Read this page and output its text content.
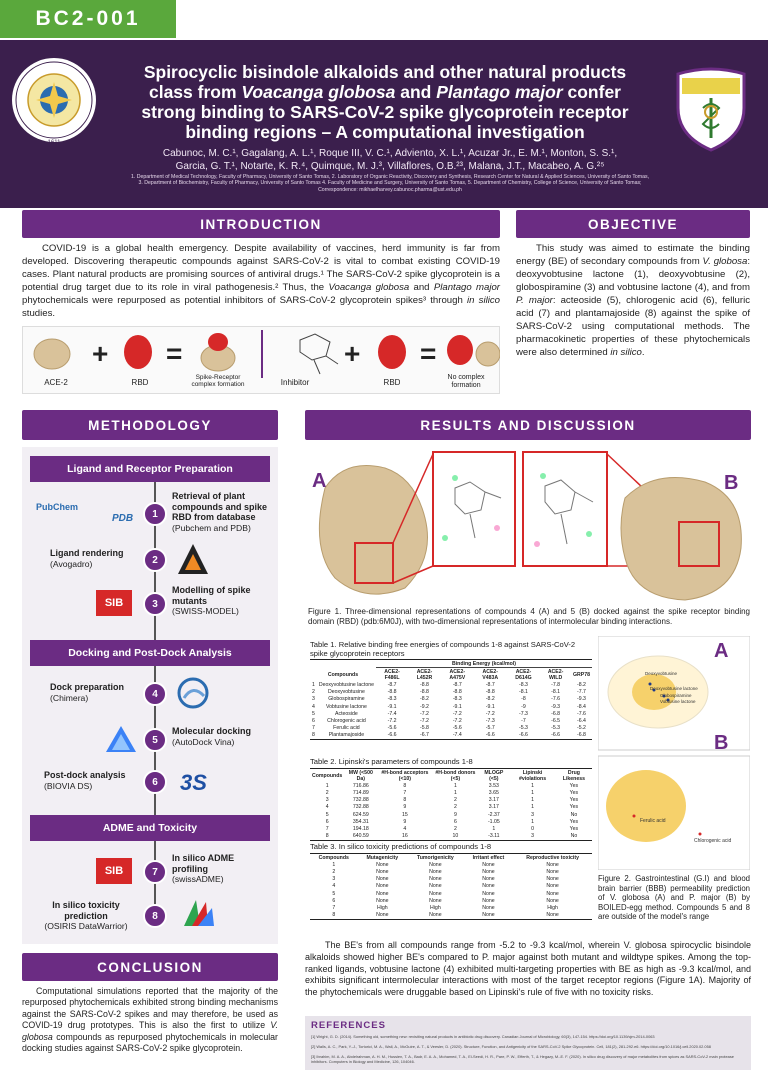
BC2-001
1611
Spirocyclic bisindole alkaloids and other natural products
class from Voacanga globosa and Plantago major confer
strong binding to SARS-CoV-2 spike glycoprotein receptor
binding regions – A computational investigation
Cabunoc, M. C.¹, Gagalang, A. L.¹, Roque III, V. C.¹, Adviento, X. L.¹, Acuzar Jr., E. M.¹, Monton, S. S.¹,
Garcia, G. T.¹, Notarte, K. R.⁴, Quimque, M. J.³, Villaflores, O.B.²³, Malana, J.T., Macabeo, A. G.²⁵
1. Department of Medical Technology, Faculty of Pharmacy, University of Santo Tomas, 2. Laboratory of Organic Reactivity, Discovery and Synthesis, Research Center for Natural & Applied Sciences, University of Santo Tomas,
3. Department of Biochemistry, Faculty of Pharmacy, University of Santo Tomas 4. Faculty of Medicine and Surgery, University of Santo Tomas, 5. Department of Chemistry, College of Science, University of Santo Tomas;
Correspondence: mikhaelharvey.cabunoc.pharma@ust.edu.ph
INTRODUCTION
COVID-19 is a global health emergency. Despite availability of vaccines, herd immunity is far from developed. Discovering therapeutic compounds against SARS-CoV-2 is vital to combat existing COVID-19 cases. Plant natural products are promising sources of antiviral drugs.¹ The SARS-CoV-2 spike glycoprotein is a potential drug target due to its role in viral pathogenesis.² Thus, the Voacanga globosa and Plantago major phytochemicals were repurposed as potential inhibitors of SARS-CoV-2 glycoprotein spikes³ through in silico studies.
+ =	+ =
ACE-2	RBD
Spike-Receptor complex formation	Inhibitor	RBD
No complex formation
OBJECTIVE
This study was aimed to estimate the binding energy (BE) of secondary compounds from V. globosa: deoxyvobtusine lactone (1), deoxyvobtusine (2), globospiramine (3) and vobtusine lactone (4), and from P. major: acteoside (5), chlorogenic acid (6), felluric acid (7) and plantamajoside (8) against the spike of SARS-CoV-2 using computational methods. The pharmacokinetic properties of these phytochemicals were also determined in silico.
METHODOLOGY
Ligand and Receptor Preparation
Docking and Post-Dock Analysis
ADME and Toxicity
PubChem
PDB	1
Retrieval of plant compounds and spike RBD from database
(Pubchem and PDB)
Ligand rendering
(Avogadro)	2
SIB	3
Modelling of spike mutants
(SWISS-MODEL)
Dock preparation
(Chimera)	4
5
Molecular docking
(AutoDock Vina)
Post-dock analysis
(BIOVIA DS)	6	3S
SIB	7
In silico ADME profiling
(swissADME)
In silico toxicity prediction
(OSIRIS DataWarrior)
8
CONCLUSION
Computational simulations reported that the majority of the repurposed phytochemicals exhibited strong binding mechanisms against the SARS-CoV-2 spikes and may therefore, be used as COVID-19 drug prototypes. This is also the first to utilize V. globosa compounds as repurposed phytochemicals in molecular docking studies against SARS-CoV-2 spike glycoprotein.
RESULTS AND DISCUSSION
A	B
Figure 1. Three-dimensional representations of compounds 4 (A) and 5 (B) docked against the spike receptor binding domain (RBD) (pdb:6M0J), with two-dimensional representations of intermolecular binding interactions.
Table 1. Relative binding free energies of compounds 1-8 against SARS-CoV-2 spike glycoprotein receptors
		Binding Energy (kcal/mol)						
Compounds		ACE2-F486L	ACE2-L452R	ACE2-A475V	ACE2-V483A	ACE2-D614G	ACE2-WILD	GRP78
1	Deoxyvobtusine lactone	-8.7	-8.8	-8.7	-8.7	-8.3	-7.8	-8.2
2	Deoxyvobtusine	-8.8	-8.8	-8.8	-8.8	-8.1	-8.1	-7.7
3	Globospiramine	-8.3	-8.2	-8.3	-8.2	-8	-7.6	-9.3
4	Vobtusine lactone	-9.1	-9.2	-9.1	-9.1	-9	-9.3	-8.4
5	Acteoside	-7.4	-7.2	-7.2	-7.2	-7.3	-6.8	-7.6
6	Chlorogenic acid	-7.2	-7.2	-7.2	-7.3	-7	-6.5	-6.4
7	Ferulic acid	-5.6	-5.8	-5.6	-5.7	-5.3	-5.3	-5.2
8	Plantamajoside	-6.6	-6.7	-7.4	-6.6	-6.6	-6.6	-6.8
Table 2. Lipinski's parameters of compounds 1-8
Compounds	MW (<500 Da)	#H-bond acceptors (<10)	#H-bond donors (<5)	MLOGP (<5)	Lipinski #violations	Drug Likeness
1	716.86	8	1	3.53	1	Yes
2	714.89	7	1	3.65	1	Yes
3	732.88	8	2	3.17	1	Yes
4	732.88	9	2	3.17	1	Yes
5	624.59	15	9	-2.37	3	No
6	354.31	9	6	-1.05	1	Yes
7	194.18	4	2	1	0	Yes
8	640.59	16	10	-3.11	3	No
Table 3. In silico toxicity predictions of compounds 1-8
Compounds	Mutagenicity	Tumorigenicity	Irritant effect	Reproductive toxicity
1	None	None	None	None
2	None	None	None	None
3	None	None	None	None
4	None	None	None	None
5	None	None	None	None
6	None	None	None	None
7	High	High	None	High
8	None	None	None	None
Deoxyvobtusine
Deoxyvobtusine lactone
Globospiramine
Vobtusine lactone
Ferulic acid
Chlorogenic acid
A
B
Figure 2. Gastrointestinal (G.I) and blood brain barrier (BBB) permeability prediction of V. globosa (A) and P. major (B) by BOILED-egg method. Compounds 5 and 8 are outside of the model's range
The BE's from all compounds range from -5.2 to -9.3 kcal/mol, wherein V. globosa spirocyclic bisindole alkaloids showed higher BE's compared to P. major against both mutant and wildtype spikes. Among the top-ranked ligands, vobtusine lactone (4) exhibited multi-targeting properties with BE as high as -9.3 kcal/mol, and exhibits significant intermolecular interactions with most of the target receptor regions (Figure 1A). Majority of the phytochemicals were druggable based on Lipinski's rule of five with no toxicity risks.
REFERENCES
[1] Wright, G. D. (2014). Something old, something new: revisiting natural products in antibiotic drug discovery. Canadian Journal of Microbiology, 60(3), 147-154. https://doi.org/10.1139/cjm-2014-0063
[2] Walls, A. C., Park, Y.-J., Tortorici, M. A., Wall, A., McGuire, A. T., & Veesler, D. (2020). Structure, Function, and Antigenicity of the SARS-CoV-2 Spike Glycoprotein. Cell, 181(2), 281-292.e6. https://doi.org/10.1016/j.cell.2020.02.058
[3] Ibrahim, M. A. A., Abdelrahman, A. H. M., Hussien, T. A., Badr, E. A. A., Mohamed, T. A., El-Seedi, H. R., Pare, P. W., Efferth, T., & Hegazy, M.-E. F. (2020). In silico drug discovery of major metabolites from spices as SARS-CoV-2 main protease inhibitors. Computers in Biology and Medicine, 126, 104046.
